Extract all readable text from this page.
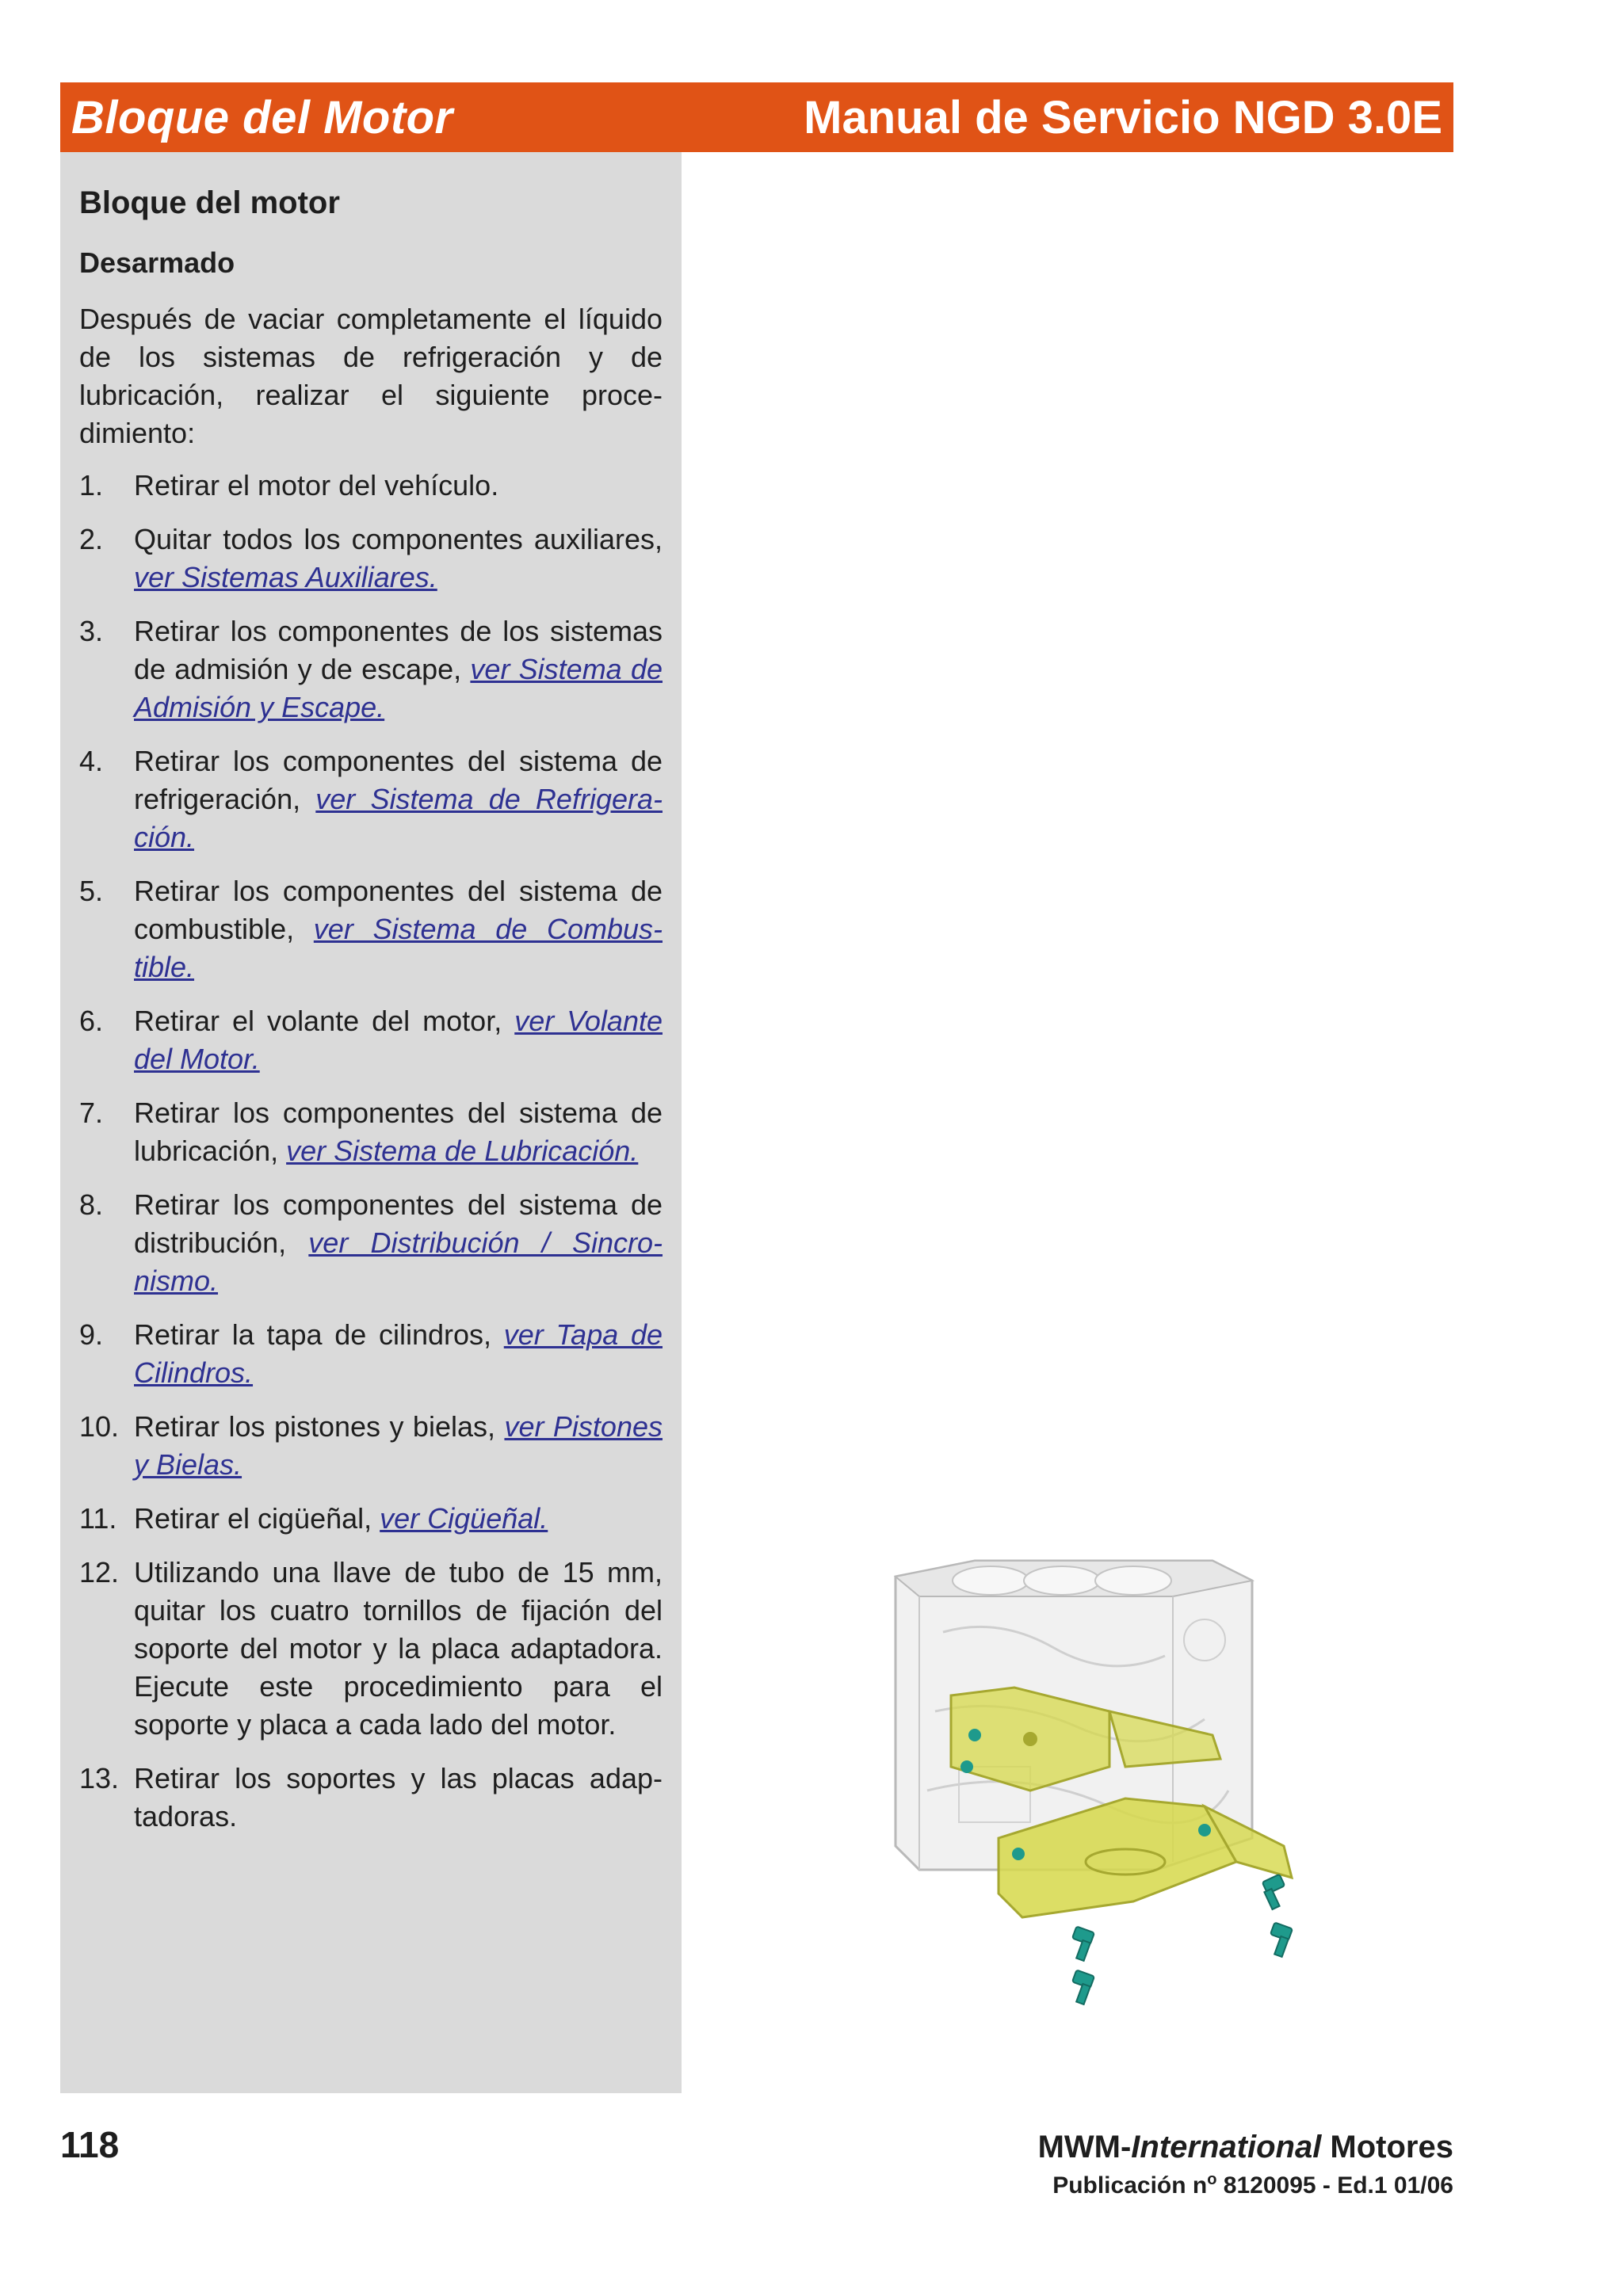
Bloque del Motor	Manual de Servicio NGD 3.0E
Bloque del motor
Desarmado

Después de vaciar completamente el líquido de los sistemas de refrigeración y de lubricación, realizar el siguiente proce-dimiento:

1. Retirar el motor del vehículo.
2. Quitar todos los componentes auxiliares, ver Sistemas Auxiliares.
3. Retirar los componentes de los sistemas de admisión y de escape, ver Sistema de Admisión y Escape.
4. Retirar los componentes del sistema de refrigeración, ver Sistema de Refrigera-ción.
5. Retirar los componentes del sistema de combustible, ver Sistema de Combus-tible.
6. Retirar el volante del motor, ver Volante del Motor.
7. Retirar los componentes del sistema de lubricación, ver Sistema de Lubricación.
8. Retirar los componentes del sistema de distribución, ver Distribución / Sincro-nismo.
9. Retirar la tapa de cilindros, ver Tapa de Cilindros.
10. Retirar los pistones y bielas, ver Pistones y Bielas.
11. Retirar el cigüeñal, ver Cigüeñal.
12. Utilizando una llave de tubo de 15 mm, quitar los cuatro tornillos de fijación del soporte del motor y la placa adaptadora. Ejecute este procedimiento para el soporte y placa a cada lado del motor.
13. Retirar los soportes y las placas adap-tadoras.
118	MWM-International Motores
Publicación $n^o$ 8120095 - Ed.1 01/06
